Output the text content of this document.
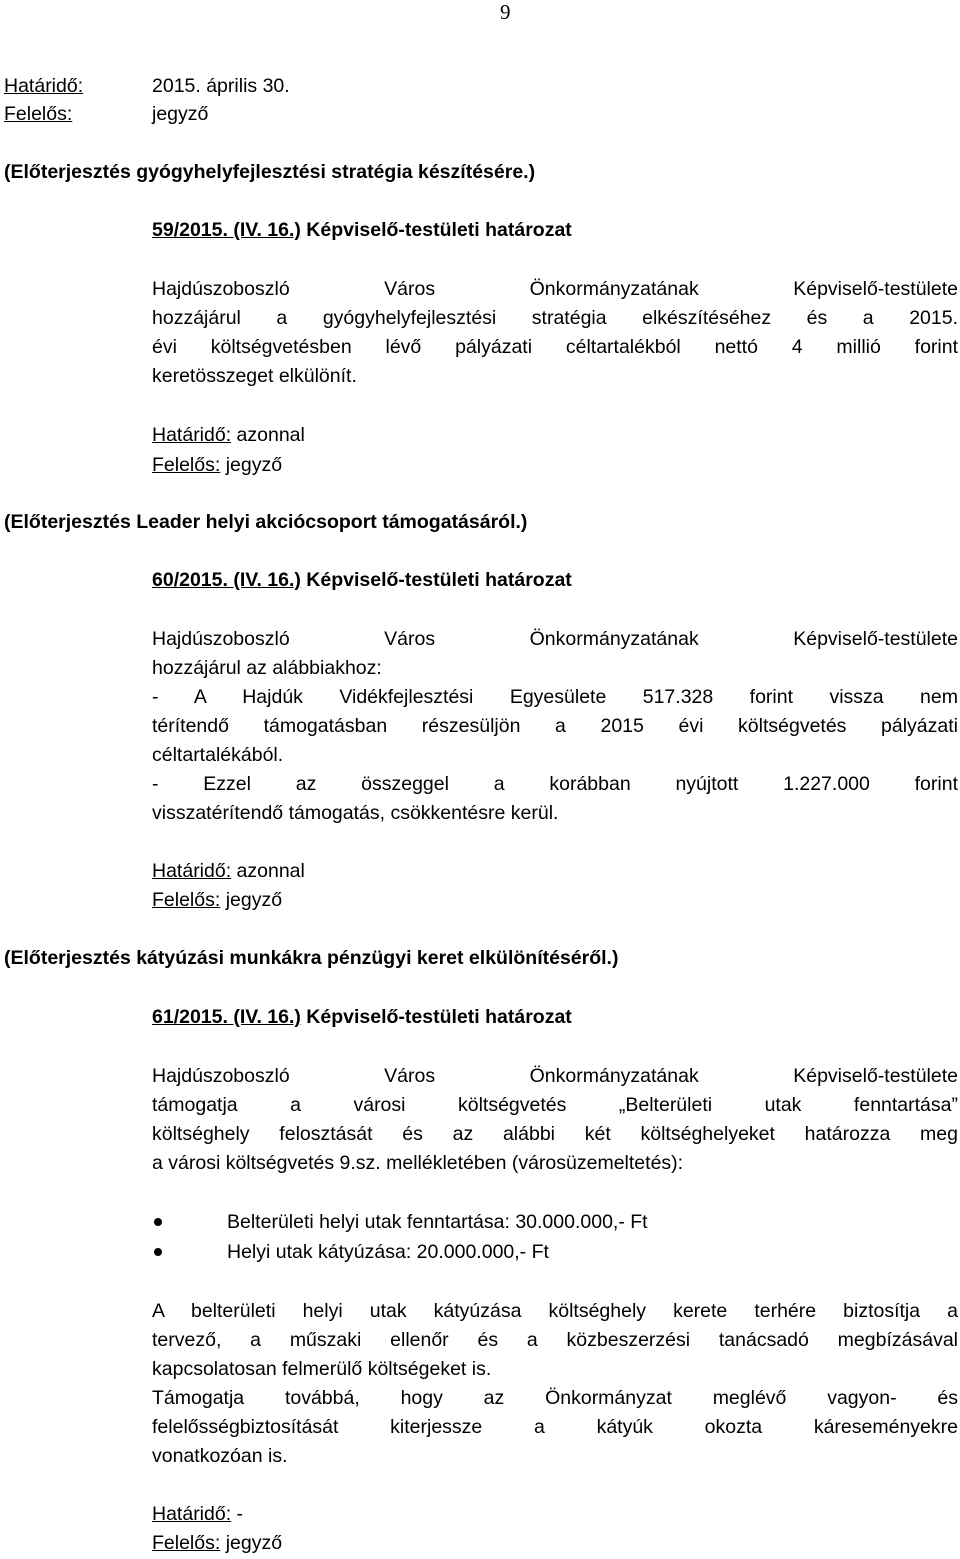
9
Határidő:	2015. április 30.
Felelős:	jegyző
(Előterjesztés gyógyhelyfejlesztési stratégia készítésére.)
59/2015. (IV. 16.) Képviselő-testületi határozat
Hajdúszoboszló Város Önkormányzatának Képviselő-testülete
hozzájárul a gyógyhelyfejlesztési stratégia elkészítéséhez és a 2015.
évi költségvetésben lévő pályázati céltartalékból nettó 4 millió forint
keretösszeget elkülönít.
Határidő: azonnal
Felelős: jegyző
(Előterjesztés Leader helyi akciócsoport támogatásáról.)
60/2015. (IV. 16.) Képviselő-testületi határozat
Hajdúszoboszló Város Önkormányzatának Képviselő-testülete
hozzájárul az alábbiakhoz:
- A Hajdúk Vidékfejlesztési Egyesülete 517.328 forint vissza nem
térítendő támogatásban részesüljön a 2015 évi költségvetés pályázati
céltartalékából.
- Ezzel az összeggel a korábban nyújtott 1.227.000 forint
visszatérítendő támogatás, csökkentésre kerül.
Határidő: azonnal
Felelős: jegyző
(Előterjesztés kátyúzási munkákra pénzügyi keret elkülönítéséről.)
61/2015. (IV. 16.) Képviselő-testületi határozat
Hajdúszoboszló Város Önkormányzatának Képviselő-testülete
támogatja a városi költségvetés „Belterületi utak fenntartása”
költséghely felosztását és az alábbi két költséghelyeket határozza meg
a városi költségvetés 9.sz. mellékletében (városüzemeltetés):
Belterületi helyi utak fenntartása: 30.000.000,- Ft
Helyi utak kátyúzása: 20.000.000,- Ft
A belterületi helyi utak kátyúzása költséghely kerete terhére biztosítja a
tervező, a műszaki ellenőr és a közbeszerzési tanácsadó megbízásával
kapcsolatosan felmerülő költségeket is.
Támogatja továbbá, hogy az Önkormányzat meglévő vagyon- és
felelősségbiztosítását kiterjessze a kátyúk okozta káreseményekre
vonatkozóan is.
Határidő: -
Felelős: jegyző
